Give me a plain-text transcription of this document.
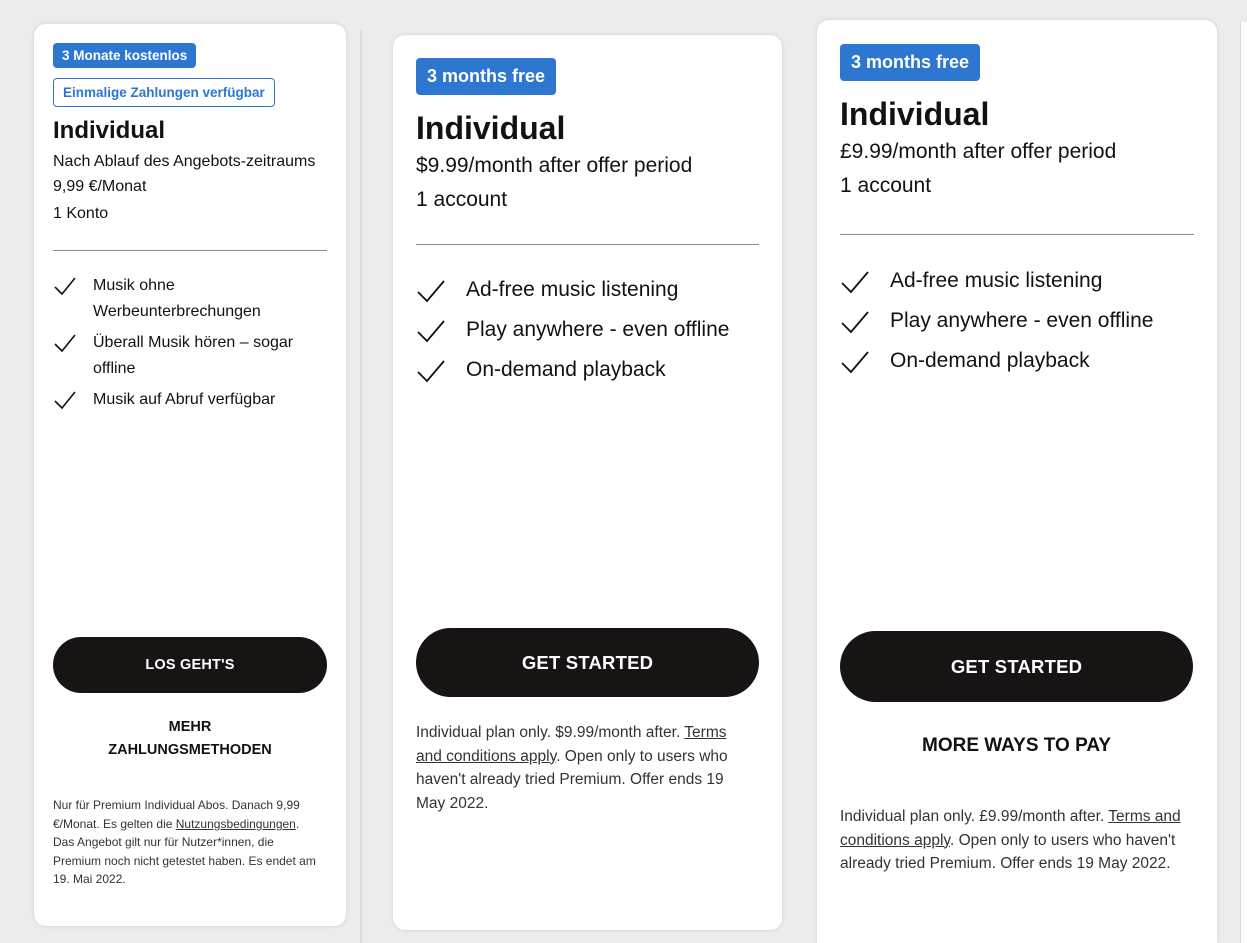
3 Monate kostenlos
Einmalige Zahlungen verfügbar
Individual

Nach Ablauf des Angebots-zeitraums 9,99 €/Monat

1 Konto

Musik ohne Werbeunterbrechungen
Überall Musik hören – sogar offline
Musik auf Abruf verfügbar
LOS GEHT'S
MEHR
ZAHLUNGSMETHODEN
Nur für Premium Individual Abos. Danach 9,99 €/Monat. Es gelten die Nutzungsbedingungen. Das Angebot gilt nur für Nutzer*innen, die Premium noch nicht getestet haben. Es endet am 19. Mai 2022.
3 months free
Individual

$9.99/month after offer period

1 account

Ad-free music listening
Play anywhere - even offline
On-demand playback
GET STARTED
Individual plan only. $9.99/month after. Terms and conditions apply. Open only to users who haven't already tried Premium. Offer ends 19 May 2022.
3 months free
Individual

£9.99/month after offer period

1 account

Ad-free music listening
Play anywhere - even offline
On-demand playback
GET STARTED
MORE WAYS TO PAY
Individual plan only. £9.99/month after. Terms and conditions apply. Open only to users who haven't already tried Premium. Offer ends 19 May 2022.
